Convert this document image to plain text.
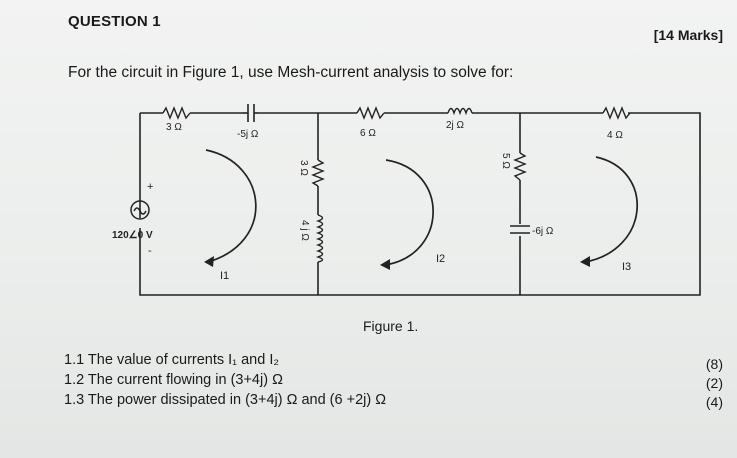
QUESTION 1
[14 Marks]
For the circuit in Figure 1, use Mesh-current analysis to solve for:
3 Ω
-5j Ω	6 Ω
2j Ω
4 Ω
3 Ω
4 j Ω
5 Ω
-6j Ω
120∠0 V
+
-
I1
I2
I3
Figure 1.
1.1 The value of currents I₁ and I₂
1.2 The current flowing in (3+4j) Ω
1.3 The power dissipated in (3+4j) Ω and (6 +2j) Ω
(8)
(2)
(4)
